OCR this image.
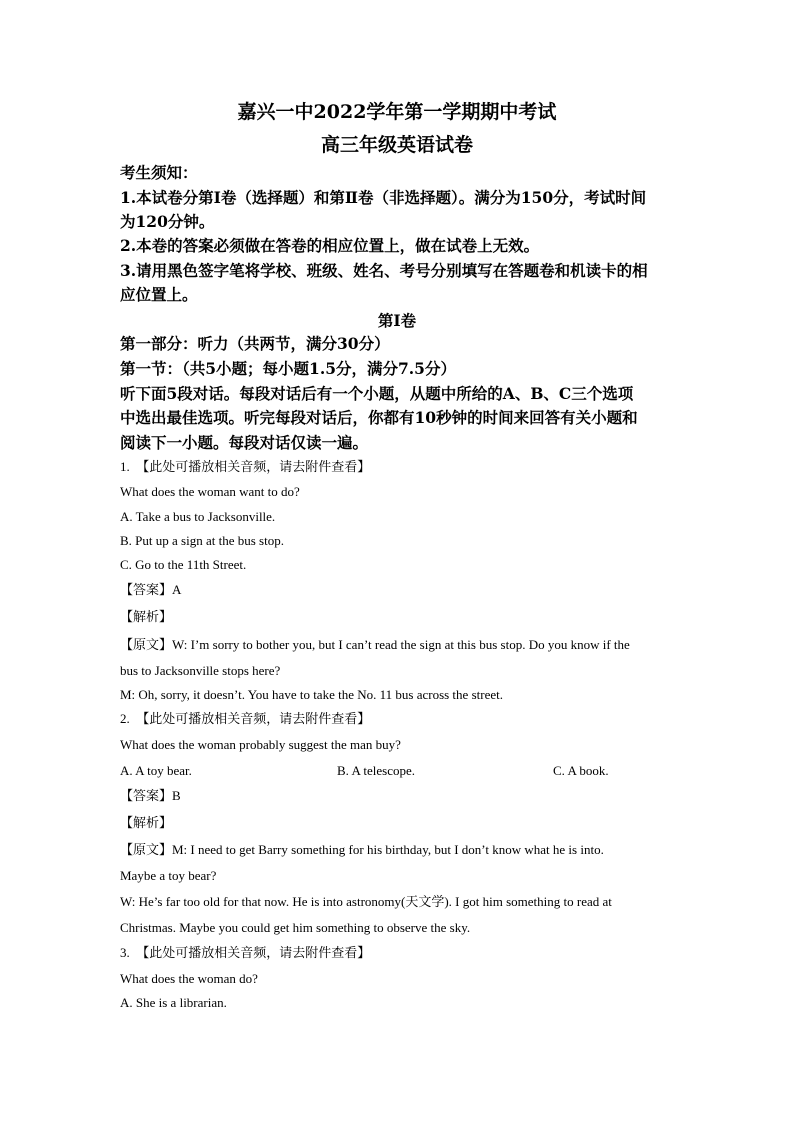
嘉兴一中2022学年第一学期期中考试
高三年级英语试卷
考生须知：
1.本试卷分第Ⅰ卷（选择题）和第Ⅱ卷（非选择题）。满分为150分，考试时间
为120分钟。
2.本卷的答案必须做在答卷的相应位置上，做在试卷上无效。
3.请用黑色签字笔将学校、班级、姓名、考号分别填写在答题卷和机读卡的相
应位置上。
第Ⅰ卷
第一部分：听力（共两节，满分30分）
第一节：（共5小题；每小题1.5分，满分7.5分）
听下面5段对话。每段对话后有一个小题，从题中所给的A、B、C三个选项
中选出最佳选项。听完每段对话后，你都有10秒钟的时间来回答有关小题和
阅读下一小题。每段对话仅读一遍。
1.　【此处可播放相关音频，请去附件查看】
What does the woman want to do?
A. Take a bus to Jacksonville.
B. Put up a sign at the bus stop.
C. Go to the 11th Street.
【答案】A
【解析】
【原文】W: I’m sorry to bother you, but I can’t read the sign at this bus stop. Do you know if the
bus to Jacksonville stops here?
M: Oh, sorry, it doesn’t. You have to take the No. 11 bus across the street.
2.　【此处可播放相关音频，请去附件查看】
What does the woman probably suggest the man buy?
A. A toy bear.	B. A telescope.	C. A book.
【答案】B
【解析】
【原文】M: I need to get Barry something for his birthday, but I don’t know what he is into.
Maybe a toy bear?
W: He’s far too old for that now. He is into astronomy(天文学). I got him something to read at
Christmas. Maybe you could get him something to observe the sky.
3.　【此处可播放相关音频，请去附件查看】
What does the woman do?
A. She is a librarian.
